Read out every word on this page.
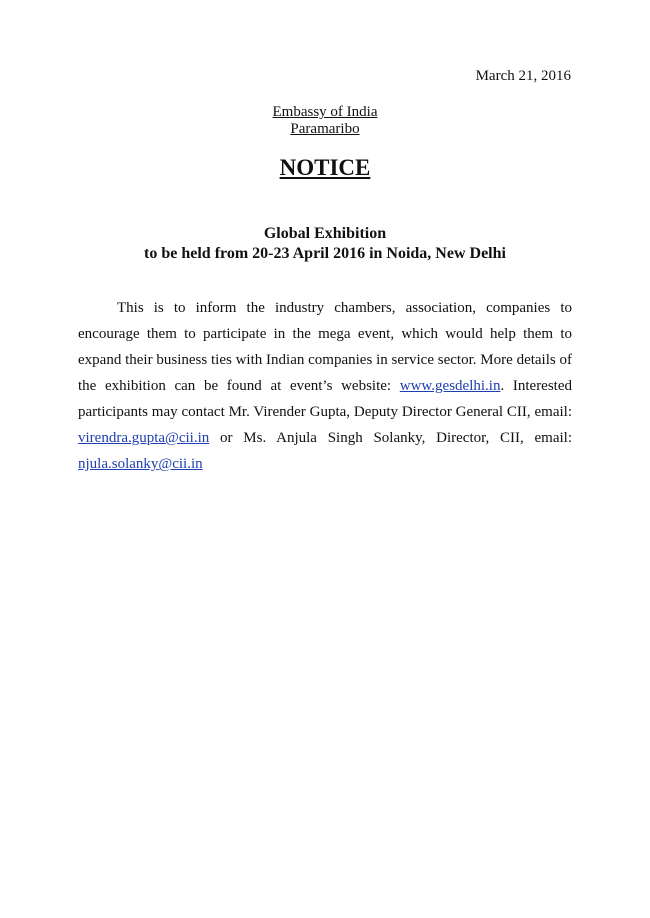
March 21, 2016
Embassy of India
Paramaribo
NOTICE
Global Exhibition
to be held from 20-23 April 2016 in Noida, New Delhi

This is to inform the industry chambers, association, companies to encourage them to participate in the mega event, which would help them to expand their business ties with Indian companies in service sector. More details of the exhibition can be found at event’s website: www.gesdelhi.in. Interested participants may contact Mr. Virender Gupta, Deputy Director General CII, email: virendra.gupta@cii.in or Ms. Anjula Singh Solanky, Director, CII, email: njula.solanky@cii.in
